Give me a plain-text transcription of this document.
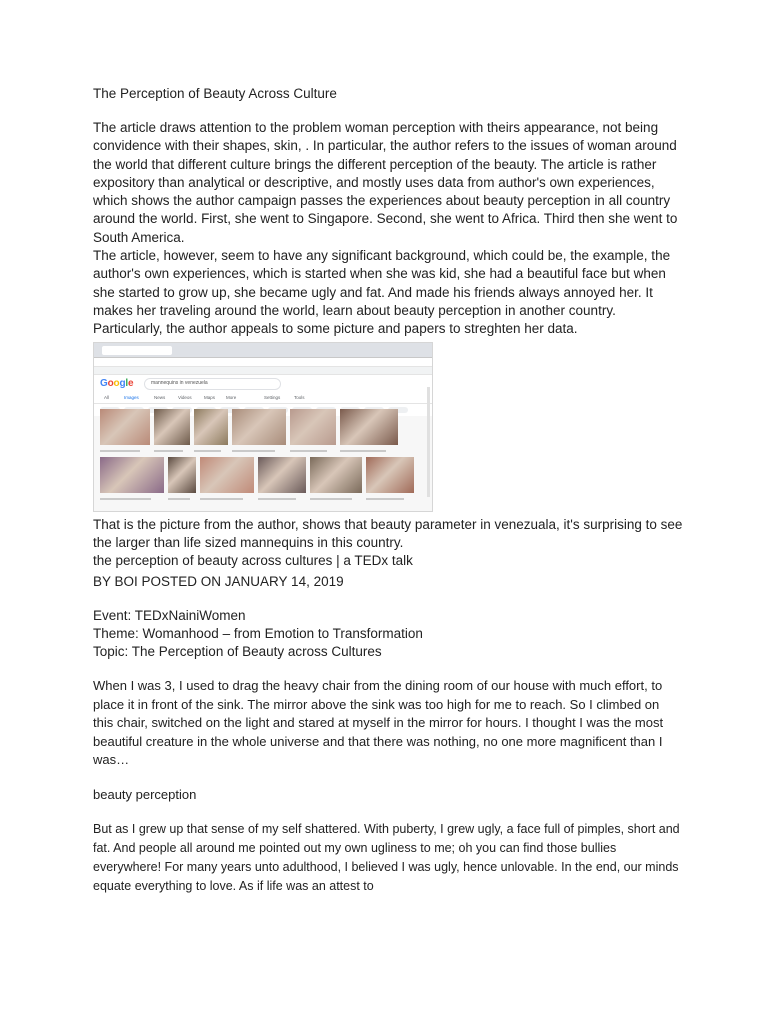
The Perception of Beauty Across Culture

The article draws attention to the problem woman perception with theirs appearance, not being convidence with their shapes, skin, . In particular, the author refers to the issues of woman around the world that different culture brings the different perception of the beauty. The article is rather expository than analytical or descriptive, and mostly uses data from author's own experiences, which shows the author campaign passes the experiences about beauty perception in all country around the world. First, she went to Singapore. Second, she went to Africa. Third then she went to South America.

The article, however, seem to have any significant background, which could be, the example, the author's own experiences, which is started when she was kid, she had a beautiful face but when she started to grow up, she became ugly and fat. And made his friends always annoyed her. It makes her traveling around the world, learn about beauty perception in another country. Particularly, the author appeals to some picture and papers to streghten her data.

Google	mannequins in venezuela
All	Images	News	Videos	Maps More	Settings	Tools

That is the picture from the author, shows that beauty parameter in venezuala, it's surprising to see the larger than life sized mannequins in this country.

the perception of beauty across cultures | a TEDx talk

BY BOI POSTED ON JANUARY 14, 2019

Event: TEDxNainiWomen

Theme: Womanhood – from Emotion to Transformation

Topic: The Perception of Beauty across Cultures

When I was 3, I used to drag the heavy chair from the dining room of our house with much effort, to place it in front of the sink. The mirror above the sink was too high for me to reach. So I climbed on this chair, switched on the light and stared at myself in the mirror for hours. I thought I was the most beautiful creature in the whole universe and that there was nothing, no one more magnificent than I was…

beauty perception

But as I grew up that sense of my self shattered. With puberty, I grew ugly, a face full of pimples, short and fat. And people all around me pointed out my own ugliness to me; oh you can find those bullies everywhere! For many years unto adulthood, I believed I was ugly, hence unlovable. In the end, our minds equate everything to love. As if life was an attest to
